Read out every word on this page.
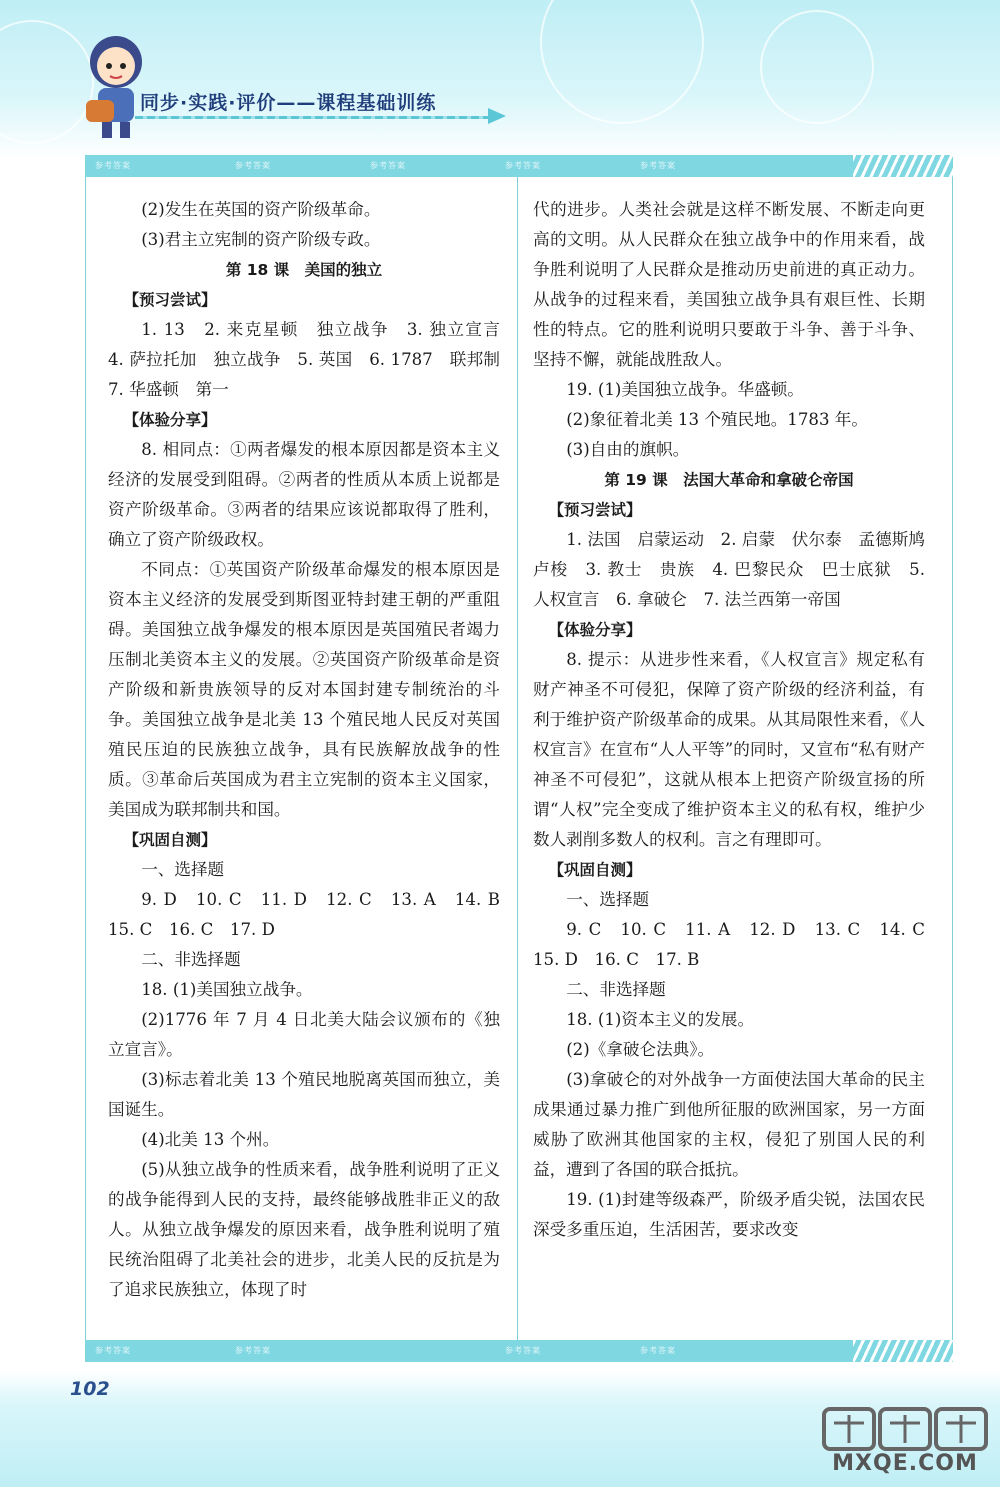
同步·实践·评价——课程基础训练
参考答案	参考答案	参考答案	参考答案	参考答案
参考答案	参考答案	参考答案	参考答案

(2)发生在英国的资产阶级革命。

(3)君主立宪制的资产阶级专政。

第 18 课　美国的独立

【预习尝试】

1. 13　2. 来克星顿　独立战争　3. 独立宣言　4. 萨拉托加　独立战争　5. 英国　6. 1787　联邦制　7. 华盛顿　第一

【体验分享】

8. 相同点：①两者爆发的根本原因都是资本主义经济的发展受到阻碍。②两者的性质从本质上说都是资产阶级革命。③两者的结果应该说都取得了胜利，确立了资产阶级政权。

不同点：①英国资产阶级革命爆发的根本原因是资本主义经济的发展受到斯图亚特封建王朝的严重阻碍。美国独立战争爆发的根本原因是英国殖民者竭力压制北美资本主义的发展。②英国资产阶级革命是资产阶级和新贵族领导的反对本国封建专制统治的斗争。美国独立战争是北美 13 个殖民地人民反对英国殖民压迫的民族独立战争，具有民族解放战争的性质。③革命后英国成为君主立宪制的资本主义国家，美国成为联邦制共和国。

【巩固自测】

一、选择题

9. D　10. C　11. D　12. C　13. A　14. B　15. C　16. C　17. D

二、非选择题

18. (1)美国独立战争。

(2)1776 年 7 月 4 日北美大陆会议颁布的《独立宣言》。

(3)标志着北美 13 个殖民地脱离英国而独立，美国诞生。

(4)北美 13 个州。

(5)从独立战争的性质来看，战争胜利说明了正义的战争能得到人民的支持，最终能够战胜非正义的敌人。从独立战争爆发的原因来看，战争胜利说明了殖民统治阻碍了北美社会的进步，北美人民的反抗是为了追求民族独立，体现了时

代的进步。人类社会就是这样不断发展、不断走向更高的文明。从人民群众在独立战争中的作用来看，战争胜利说明了人民群众是推动历史前进的真正动力。从战争的过程来看，美国独立战争具有艰巨性、长期性的特点。它的胜利说明只要敢于斗争、善于斗争、坚持不懈，就能战胜敌人。

19. (1)美国独立战争。华盛顿。

(2)象征着北美 13 个殖民地。1783 年。

(3)自由的旗帜。

第 19 课　法国大革命和拿破仑帝国

【预习尝试】

1. 法国　启蒙运动　2. 启蒙　伏尔泰　孟德斯鸠　卢梭　3. 教士　贵族　4. 巴黎民众　巴士底狱　5. 人权宣言　6. 拿破仑　7. 法兰西第一帝国

【体验分享】

8. 提示：从进步性来看，《人权宣言》规定私有财产神圣不可侵犯，保障了资产阶级的经济利益，有利于维护资产阶级革命的成果。从其局限性来看，《人权宣言》在宣布“人人平等”的同时，又宣布“私有财产神圣不可侵犯”，这就从根本上把资产阶级宣扬的所谓“人权”完全变成了维护资本主义的私有权，维护少数人剥削多数人的权利。言之有理即可。

【巩固自测】

一、选择题

9. C　10. C　11. A　12. D　13. C　14. C　15. D　16. C　17. B

二、非选择题

18. (1)资本主义的发展。

(2)《拿破仑法典》。

(3)拿破仑的对外战争一方面使法国大革命的民主成果通过暴力推广到他所征服的欧洲国家，另一方面威胁了欧洲其他国家的主权，侵犯了别国人民的利益，遭到了各国的联合抵抗。

19. (1)封建等级森严，阶级矛盾尖锐，法国农民深受多重压迫，生活困苦，要求改变

102
MXQE.COM
